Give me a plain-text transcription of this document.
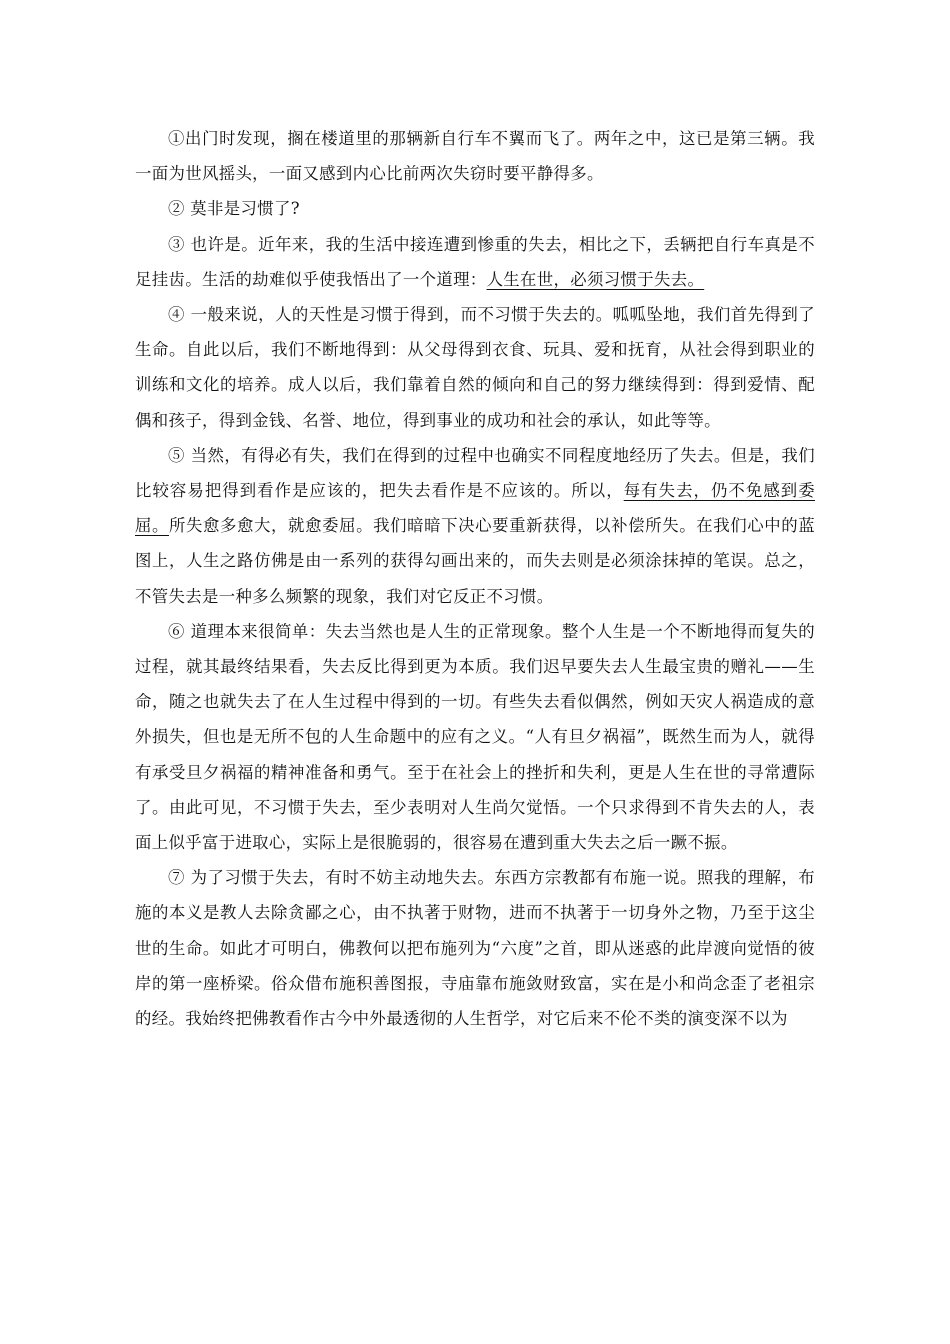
①出门时发现，搁在楼道里的那辆新自行车不翼而飞了。两年之中，这已是第三辆。我一面为世风摇头，一面又感到内心比前两次失窃时要平静得多。

② 莫非是习惯了?

③ 也许是。近年来，我的生活中接连遭到惨重的失去，相比之下，丢辆把自行车真是不足挂齿。生活的劫难似乎使我悟出了一个道理：人生在世，必须习惯于失去。

④ 一般来说，人的天性是习惯于得到，而不习惯于失去的。呱呱坠地，我们首先得到了生命。自此以后，我们不断地得到：从父母得到衣食、玩具、爱和抚育，从社会得到职业的训练和文化的培养。成人以后，我们靠着自然的倾向和自己的努力继续得到：得到爱情、配偶和孩子，得到金钱、名誉、地位，得到事业的成功和社会的承认，如此等等。

⑤ 当然，有得必有失，我们在得到的过程中也确实不同程度地经历了失去。但是，我们比较容易把得到看作是应该的，把失去看作是不应该的。所以，每有失去，仍不免感到委屈。所失愈多愈大，就愈委屈。我们暗暗下决心要重新获得，以补偿所失。在我们心中的蓝图上，人生之路仿佛是由一系列的获得勾画出来的，而失去则是必须涂抹掉的笔误。总之，不管失去是一种多么频繁的现象，我们对它反正不习惯。

⑥ 道理本来很简单：失去当然也是人生的正常现象。整个人生是一个不断地得而复失的过程，就其最终结果看，失去反比得到更为本质。我们迟早要失去人生最宝贵的赠礼——生命，随之也就失去了在人生过程中得到的一切。有些失去看似偶然，例如天灾人祸造成的意外损失，但也是无所不包的人生命题中的应有之义。“人有旦夕祸福”，既然生而为人，就得有承受旦夕祸福的精神准备和勇气。至于在社会上的挫折和失利，更是人生在世的寻常遭际了。由此可见，不习惯于失去，至少表明对人生尚欠觉悟。一个只求得到不肯失去的人，表面上似乎富于进取心，实际上是很脆弱的，很容易在遭到重大失去之后一蹶不振。

⑦ 为了习惯于失去，有时不妨主动地失去。东西方宗教都有布施一说。照我的理解，布施的本义是教人去除贪鄙之心，由不执著于财物，进而不执著于一切身外之物，乃至于这尘世的生命。如此才可明白，佛教何以把布施列为“六度”之首，即从迷惑的此岸渡向觉悟的彼岸的第一座桥梁。俗众借布施积善图报，寺庙靠布施敛财致富，实在是小和尚念歪了老祖宗的经。我始终把佛教看作古今中外最透彻的人生哲学，对它后来不伦不类的演变深不以为
